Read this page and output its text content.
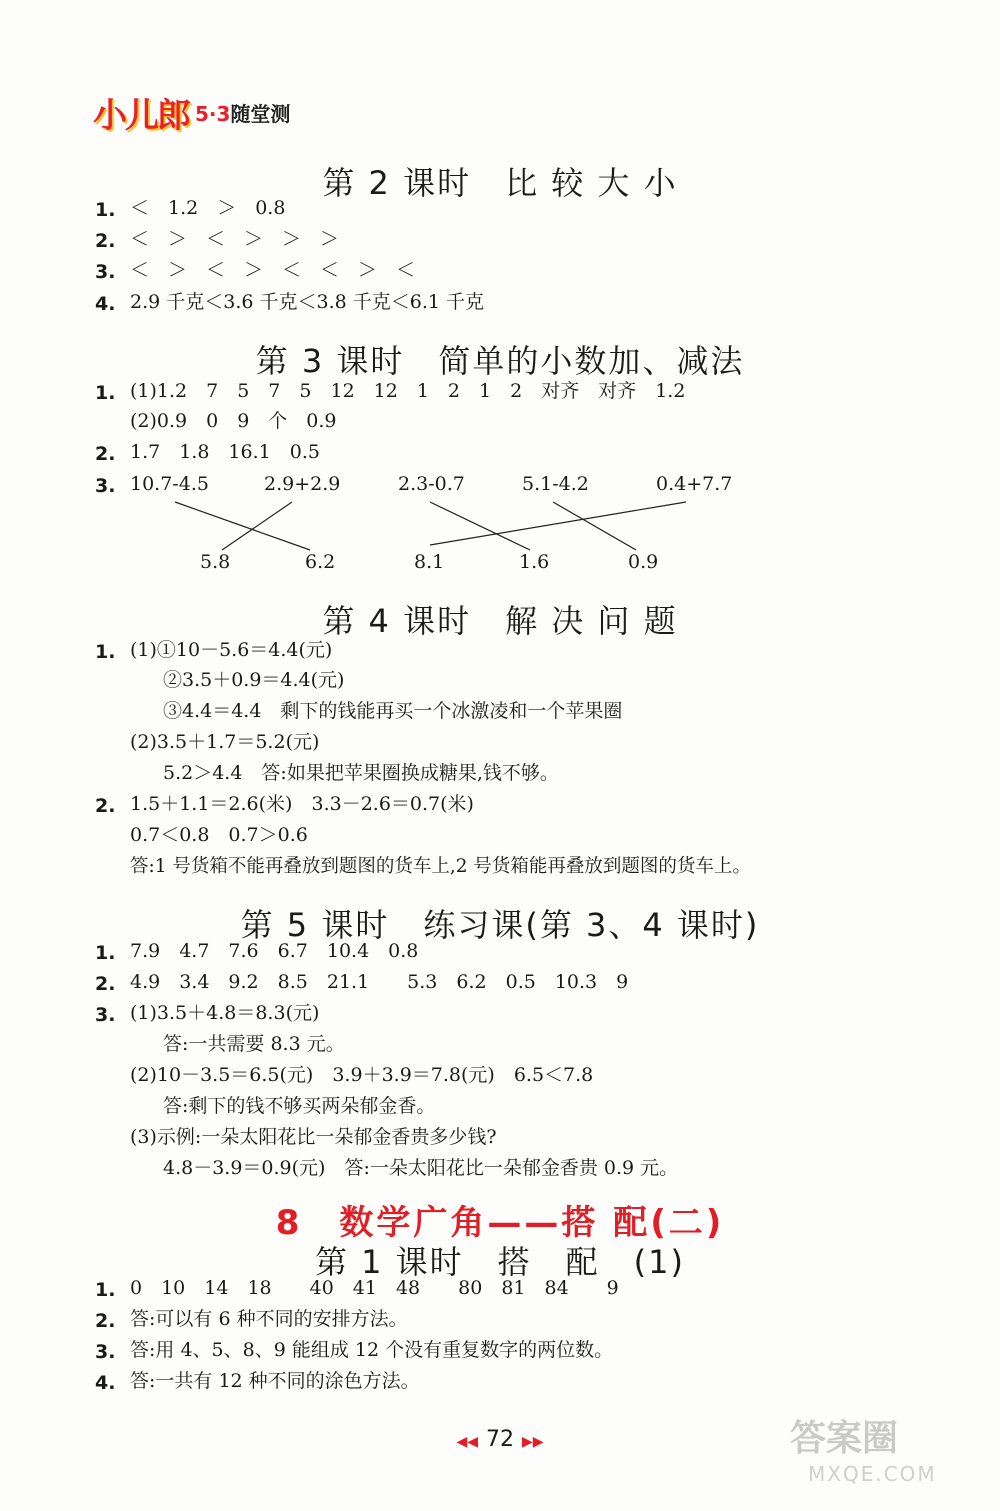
小儿郎 5·3随堂测
第 2 课时　比 较 大 小
1. ＜　1.2　＞　0.8
2. ＜　＞　＜　＞　＞　＞
3. ＜　＞　＜　＞　＜　＜　＞　＜
4. 2.9 千克＜3.6 千克＜3.8 千克＜6.1 千克
第 3 课时　简单的小数加、减法
1. (1)1.2　7　5　7　5　12　12　1　2　1　2　对齐　对齐　1.2
(2)0.9　0　9　个　0.9
2. 1.7　1.8　16.1　0.5
3. 10.7-4.5	2.9+2.9	2.3-0.7	5.1-4.2	0.4+7.7
5.8	6.2	8.1	1.6	0.9
第 4 课时　解 决 问 题
1. (1)①10－5.6＝4.4(元)
②3.5＋0.9＝4.4(元)
③4.4＝4.4　剩下的钱能再买一个冰激凌和一个苹果圈
(2)3.5＋1.7＝5.2(元)
5.2＞4.4　答:如果把苹果圈换成糖果,钱不够。
2. 1.5＋1.1＝2.6(米)　3.3－2.6＝0.7(米)
0.7＜0.8　0.7＞0.6
答:1 号货箱不能再叠放到题图的货车上,2 号货箱能再叠放到题图的货车上。
第 5 课时　练习课(第 3、4 课时)
1. 7.9　4.7　7.6　6.7　10.4　0.8
2. 4.9　3.4　9.2　8.5　21.1　　5.3　6.2　0.5　10.3　9
3. (1)3.5＋4.8＝8.3(元)
答:一共需要 8.3 元。
(2)10－3.5＝6.5(元)　3.9＋3.9＝7.8(元)　6.5＜7.8
答:剩下的钱不够买两朵郁金香。
(3)示例:一朵太阳花比一朵郁金香贵多少钱?
4.8－3.9＝0.9(元)　答:一朵太阳花比一朵郁金香贵 0.9 元。
8　数学广角——搭 配(二)
第 1 课时　搭　配　(1)
1. 0　10　14　18　　40　41　48　　80　81　84　　9
2. 答:可以有 6 种不同的安排方法。
3. 答:用 4、5、8、9 能组成 12 个没有重复数字的两位数。
4. 答:一共有 12 种不同的涂色方法。
◀◀ 72 ▶▶	答案圈
MXQE.COM
